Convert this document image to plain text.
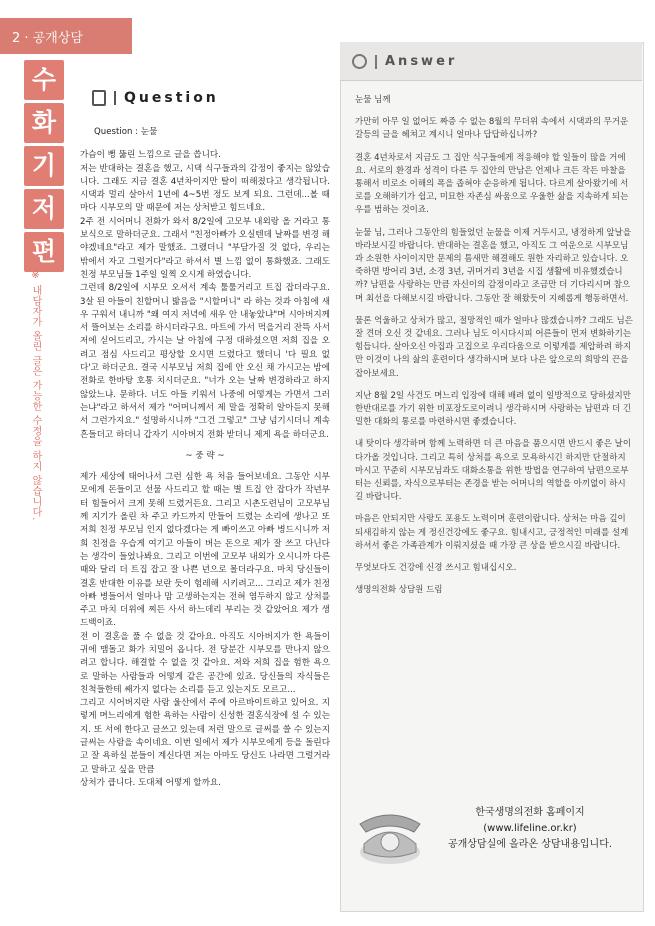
2 · 공개상담
수
화
기
저
편
※ 내담자가 올린 글은 가능한 수정을 하지 않습니다.
Question

Question : 눈물

가슴이 뻥 뚫린 느낌으로 글을 씁니다.

저는 반대하는 결혼을 했고, 시댁 식구들과의 감정이 좋지는 않았습니다. 그래도 지금 결혼 4년차이지만 탈이 떠해졌다고 생각됩니다. 시댁과 멀리 살아서 1년에 4~5번 정도 보게 되요. 그런데...볼 때마다 시부모의 말 때문에 저는 상처받고 힘드네요.

2주 전 시어머니 전화가 와서 8/2일에 고모부 내외랑 올 거라고 통보식으로 말하더군요. 그래서 "친정아빠가 오실텐데 날짜를 변경 해야겠네요"라고 제가 말했죠. 그랬더니 "부담가질 것 없다, 우리는 밖에서 자고 그럴거다"라고 하셔서 별 느낌 없이 통화했죠. 그래도 친정 부모님들 1주일 일찍 오시게 하였습니다.

그런데 8/2일에 시부모 오셔서 계속 툴툴거리고 트집 잡더라구요. 3살 된 아들이 친할머니 밟음을 "시할머니" 라 하는 것과 아침에 새우 구워서 내니까 "왜 여지 저녁에 새우 안 내놓았냐"며 시아버지께서 뜰어보는 소리를 하시더라구요. 마트에 가서 먹을거리 잔뜩 사서 저에 싣어드리고, 가시는 날 아침에 구정 대하셨으면 저희 집을 오려고 점심 사드리고 평상할 오시면 드렸다고 했더니 '다 필요 없다'고 하더군요. 결국 시부모님 저희 집에 안 오신 채 가시고는 밤에 전화로 한바탕 호통 치시더군요. "너가 오는 날짜 변경하라고 하지 않았느냐. 문하다. 너도 아들 키워서 나중에 어떻게는 가면서 그러는냐"라고 하셔서 제가 "어머니께서 제 말을 정확히 알아듣지 못해서 그런가지요." 설명하시니까 "그건 그렇고" 그냥 넘기시더니 계속 흔들더고 하더니 갑자기 시아버지 전화 받더니 제게 욕을 하더군요.

~ 중 략 ~

제가 세상에 태어나서 그런 심한 욕 처음 들어보네요. 그동안 시부모에게 돈들이고 선물 사드리고 할 때는 별 트집 안 잡다가 작년부터 힘들어서 크게 못해 드렸거든요. 그리고 시촌도련님이 고모부님께 지기가 올린 차 주고 카드까지 만들어 드렸는 소리에 생나고 또 저희 친정 부모님 인지 없다겠다는 게 빠이쓰고 아빠 병드시니까 저희 친정을 우습게 여기고 아들이 버는 돈으로 제가 잘 쓰고 다닌다는 생각이 들었나봐요. 그리고 이번에 고모부 내외가 오시니까 다른 때와 달리 더 트집 잡고 잘 나쁜 년으로 몰더라구요. 마치 당신들이 결혼 반대한 이유를 보란 듯이 험레해 시키려고... 그리고 제가 친정아빠 병들어서 얼마나 맘 고생하는지는 전혀 염두하지 않고 상처를 주고 마치 더위에 찌든 사서 하느데리 부리는 것 같았어요 제가 생드백이죠.

전 이 결혼을 풀 수 없을 것 같아요. 아직도 시아버지가 한 욕들이 귀에 맴돌고 화가 치밀어 옵니다. 전 당분간 시부모를 만나지 않으려고 합니다. 해결할 수 없을 것 같아요. 저와 저희 집을 험한 욕으로 말하는 사람들과 어떻게 같은 공간에 있죠. 당신들의 자식들은 친척들한테 쌔가지 없다는 소리를 듣고 있는지도 모르고...

그리고 시어버지란 사람 울산에서 주에 아르바이트하고 있어요. 지렇게 며느리에게 험한 욕하는 사람이 신성한 결혼식장에 설 수 있는지. 또 서에 한다고 글쓰고 있는데 저런 말으로 글써를 쓸 수 있는지 글써는 사람을 속이네요. 이번 일에서 제가 시부모에게 등을 돌린다고 잘 욕하실 분들이 계신다면 저는 아마도 당신도 나라면 그럴거라고 말하고 싶을 만큼

상처가 큽니다. 도대체 어떻게 할까요.

Answer

눈물 님께

가만히 아무 일 없어도 짜증 수 없는 8월의 무더위 속에서 시댁과의 무거운 갈등의 글을 헤쳐고 계시니 얼마나 답답하십니까?

결혼 4년차로서 지금도 그 집안 식구들에게 적응해야 할 일들이 많을 거에요. 서로의 환경과 성격이 다른 두 집안의 만남은 언제나 크든 작든 마찰을 통해서 비로소 이해의 폭을 좁혀야 순응하게 됩니다. 다르게 살아왔기에 서로를 오해하기가 쉽고, 미묘한 자존심 싸움으로 우울한 삶을 지속하게 되는 우를 범하는 것이죠.

눈물 님, 그러나 그동안의 힘들었던 눈물을 이제 거두시고, 냉정하게 앞날을 바라보시길 바랍니다. 반대하는 결혼을 했고, 아직도 그 여운으로 시부모님과 소원한 사이이지만 문제의 틈새만 해결해도 원한 자리하고 있습니다. 오죽하면 방어리 3년, 소경 3년, 귀머거리 3년을 시집 생활에 비유했겠습니까? 남편을 사랑하는 만큼 자신이의 감정이라고 조금만 더 기다리시며 참으며 최선을 다해보시길 바랍니다. 그동안 잘 해왔듯이 지혜롭게 행동하면서.

물론 억울하고 상처가 많고, 절망적인 때가 얼마나 많겠습니까? 그래도 님은 잘 견뎌 오신 것 같네요. 그러나 님도 이시다시피 어른들이 먼저 변화하기는 힘듭니다. 살아오신 아집과 고집으로 우리다움으로 이렇게를 제압하려 하지만 이것이 나의 삶의 훈련이다 생각하시며 보다 나은 앞으로의 희망의 끈을 잡아보세요.

지난 8월 2일 사건도 며느리 입장에 대해 배려 없이 일방적으로 당하셨지만 한반대로를 가기 위한 비포장도로이려니 생각하시며 사랑하는 남편과 더 긴밀한 대화의 통로를 마련하시면 좋겠습니다.

내 탓이다 생각하며 함께 노력하면 더 큰 마음을 품으시면 반드시 좋은 날이 다가올 것입니다. 그리고 특히 상처를 욕으로 모욕하시긴 하지만 단절하지 마시고 꾸준히 시부모님과도 대화소통을 위한 방법을 연구하여 남편으로부터는 신뢰를, 자식으로부터는 존경을 받는 어머니의 역할을 아끼없이 하시길 바랍니다.

마음은 안되지만 사랑도 포용도 노력이며 훈련이랍니다. 상처는 마음 깊이 되새김하지 않는 게 정신건강에도 좋구요. 힘내시고, 긍정적인 미래를 설계하셔서 좋은 가족관계가 이뤄지셨을 때 가장 큰 상을 받으시길 바랍니다.

무엇보다도 건강에 신경 쓰시고 힘내십시오.

생명의전화 상담원 드림

한국생명의전화 홈페이지
(www.lifeline.or.kr)
공개상담실에 올라온 상담내용입니다.
